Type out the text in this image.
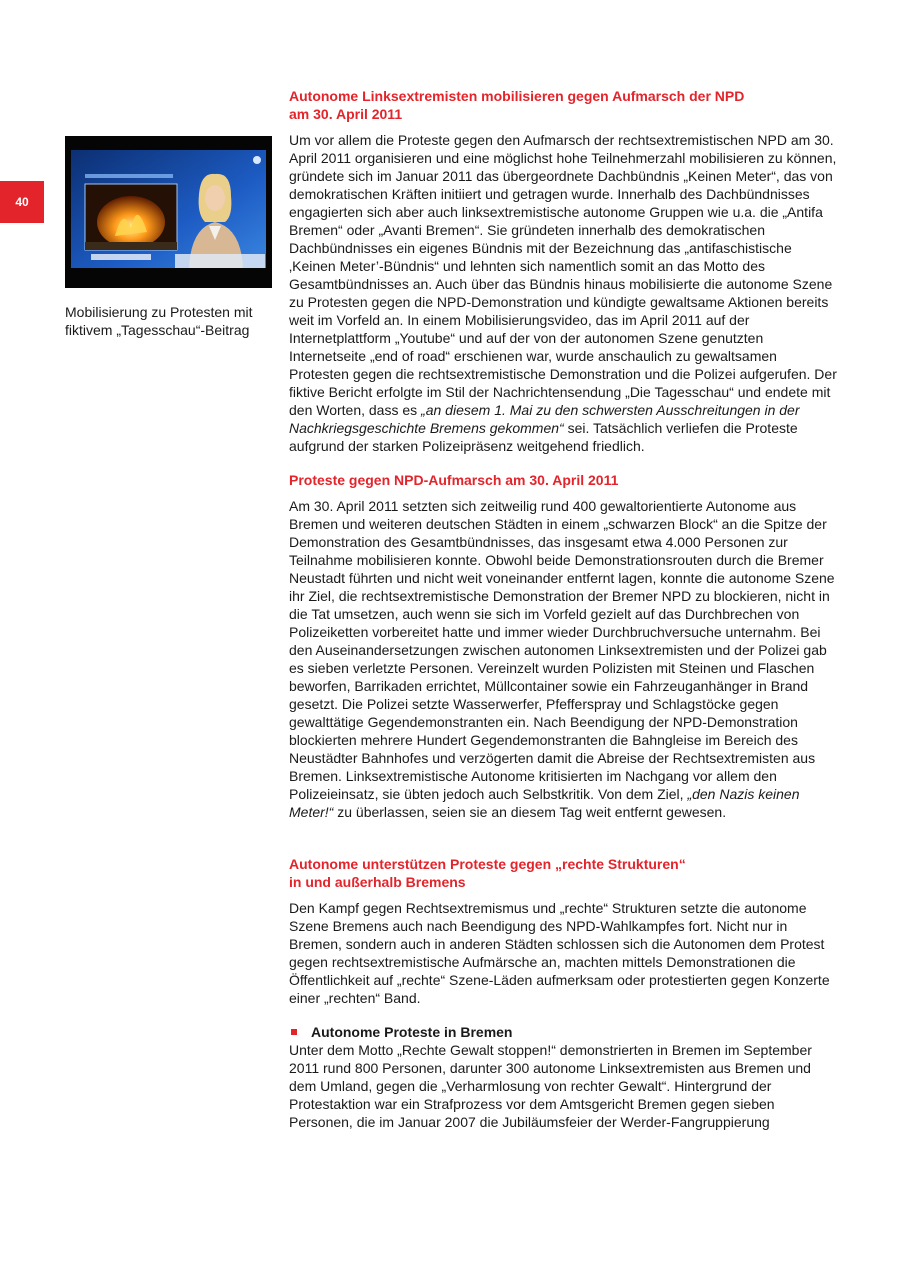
40
Mobilisierung zu Protesten mit
fiktivem „Tagesschau“-Beitrag
Autonome Linksextremisten mobilisieren gegen Aufmarsch der NPD
am 30. April 2011

Um vor allem die Proteste gegen den Aufmarsch der rechtsextremistischen NPD am 30. April 2011 organisieren und eine möglichst hohe Teilnehmerzahl mobilisieren zu können, gründete sich im Januar 2011 das übergeordnete Dachbündnis „Keinen Meter“, das von demokratischen Kräften initiiert und getragen wurde. Innerhalb des Dachbündnisses engagierten sich aber auch linksextremistische autonome Gruppen wie u.a. die „Antifa Bremen“ oder „Avanti Bremen“. Sie gründeten innerhalb des demokratischen Dachbündnisses ein eigenes Bündnis mit der Bezeichnung das „antifaschistische ‚Keinen Meter’-Bündnis“ und lehnten sich namentlich somit an das Motto des Gesamtbündnisses an. Auch über das Bündnis hinaus mobilisierte die autonome Szene zu Protesten gegen die NPD-Demonstration und kündigte gewaltsame Aktionen bereits weit im Vorfeld an. In einem Mobilisierungsvideo, das im April 2011 auf der Internetplattform „Youtube“ und auf der von der autonomen Szene genutzten Internetseite „end of road“ erschienen war, wurde anschaulich zu gewaltsamen Protesten gegen die rechtsextremistische Demonstration und die Polizei aufgerufen. Der fiktive Bericht erfolgte im Stil der Nachrichtensendung „Die Tagesschau“ und endete mit den Worten, dass es „an diesem 1. Mai zu den schwersten Ausschreitungen in der Nachkriegsgeschichte Bremens gekommen“ sei. Tatsächlich verliefen die Proteste aufgrund der starken Polizeipräsenz weitgehend friedlich.

Proteste gegen NPD-Aufmarsch am 30. April 2011

Am 30. April 2011 setzten sich zeitweilig rund 400 gewaltorientierte Autonome aus Bremen und weiteren deutschen Städten in einem „schwarzen Block“ an die Spitze der Demonstration des Gesamtbündnisses, das insgesamt etwa 4.000 Personen zur Teilnahme mobilisieren konnte. Obwohl beide Demonstrationsrouten durch die Bremer Neustadt führten und nicht weit voneinander entfernt lagen, konnte die autonome Szene ihr Ziel, die rechtsextremistische Demonstration der Bremer NPD zu blockieren, nicht in die Tat umsetzen, auch wenn sie sich im Vorfeld gezielt auf das Durchbrechen von Polizeiketten vorbereitet hatte und immer wieder Durchbruchversuche unternahm. Bei den Auseinandersetzungen zwischen autonomen Linksextremisten und der Polizei gab es sieben verletzte Personen. Vereinzelt wurden Polizisten mit Steinen und Flaschen beworfen, Barrikaden errichtet, Müllcontainer sowie ein Fahrzeuganhänger in Brand gesetzt. Die Polizei setzte Wasserwerfer, Pfefferspray und Schlagstöcke gegen gewalttätige Gegendemonstranten ein. Nach Beendigung der NPD-Demonstration blockierten mehrere Hundert Gegendemonstranten die Bahngleise im Bereich des Neustädter Bahnhofes und verzögerten damit die Abreise der Rechtsextremisten aus Bremen. Linksextremistische Autonome kritisierten im Nachgang vor allem den Polizeieinsatz, sie übten jedoch auch Selbstkritik. Von dem Ziel, „den Nazis keinen Meter!“ zu überlassen, seien sie an diesem Tag weit entfernt gewesen.

Autonome unterstützen Proteste gegen „rechte Strukturen“
in und außerhalb Bremens

Den Kampf gegen Rechtsextremismus und „rechte“ Strukturen setzte die autonome Szene Bremens auch nach Beendigung des NPD-Wahlkampfes fort. Nicht nur in Bremen, sondern auch in anderen Städten schlossen sich die Autonomen dem Protest gegen rechtsextremistische Aufmärsche an, machten mittels Demonstrationen die Öffentlichkeit auf „rechte“ Szene-Läden aufmerksam oder protestierten gegen Konzerte einer „rechten“ Band.

Autonome Proteste in Bremen

Unter dem Motto „Rechte Gewalt stoppen!“ demonstrierten in Bremen im September 2011 rund 800 Personen, darunter 300 autonome Linksextremisten aus Bremen und dem Umland, gegen die „Verharmlosung von rechter Gewalt“. Hintergrund der Protestaktion war ein Strafprozess vor dem Amtsgericht Bremen gegen sieben Personen, die im Januar 2007 die Jubiläumsfeier der Werder-Fangruppierung
